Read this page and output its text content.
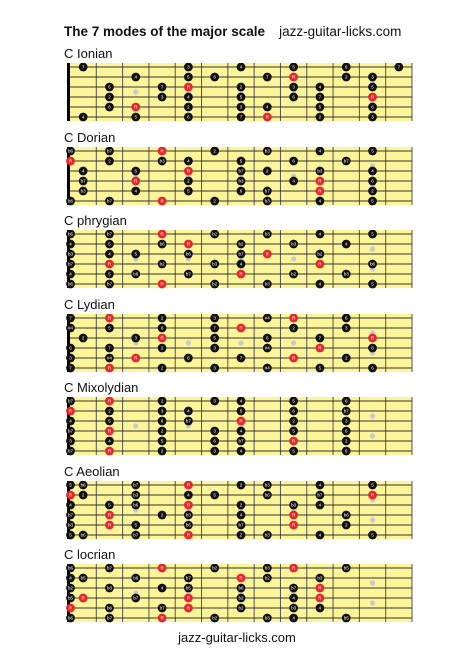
The 7 modes of the major scale jazz-guitar-licks.com
C Ionian
7	3	4	5	6	7
4	5	6	7	R	2	3
6	7	R	2	3	4	5
2	3	4	5	6	7	R
6	R	2	3	4	5	6
4	5	6	7	R	2	3
C Dorian
b6	b7	R	2	b3	4	5
R	2	b3	4	5	6	b7
4	5	R	b7	2	b3	4
b7	R	2	b3	4	R	6
b3	4	5	6	b7	R	2
b6	b7	R	2	b3	4	5
C phrygian
b6	b7	R	b2	b3	4	5
4	5	b6	R	b2	b3	4
b3	4	5	b6	b7	R	b2
b7	R	b2	b3	4	R	b6
4	5	b6	b7	R	b2	b3
b6	b7	R	b2	b3	4	5
C Lydian
7	R	2	3	#4	R	6
#4	5	6	7	R	2	3
2	3	R	5	6	7	R
6	7	2	3	#4	R	6
3	#4	R	6	7	R	2
7	R	2	3	#4	5	6
C Mixolydian
b7	R	2	3	4	5	6
R	2	3	4	5	6	b7
4	5	6	b7	R	2	3
b7	R	2	3	4	5	6
3	4	5	6	b7	R	2
b7	R	2	3	4	5	6
C Aeolian
5 b6	b7	R	2	b3	4	5
R 2	b3	4	5	b6	b7	R
4	5	b6	R	2	b3	4
b7	R	2	b3	4	R	b6
b3	R	5	b6	b7	R	2
5 b6	b7	R	2	b3	4	5
C locrian
b6	b7	R	b2	b3	R	b5
4 b5	b6	b7	R	b2	b3
b2	b3	4	b5	b6	b7	R
b5 R	b7	R	b2	4	R
R	b6	b7	R	b2	b3	4
b6	b7	R	b2	b3	4	b5
jazz-guitar-licks.com
